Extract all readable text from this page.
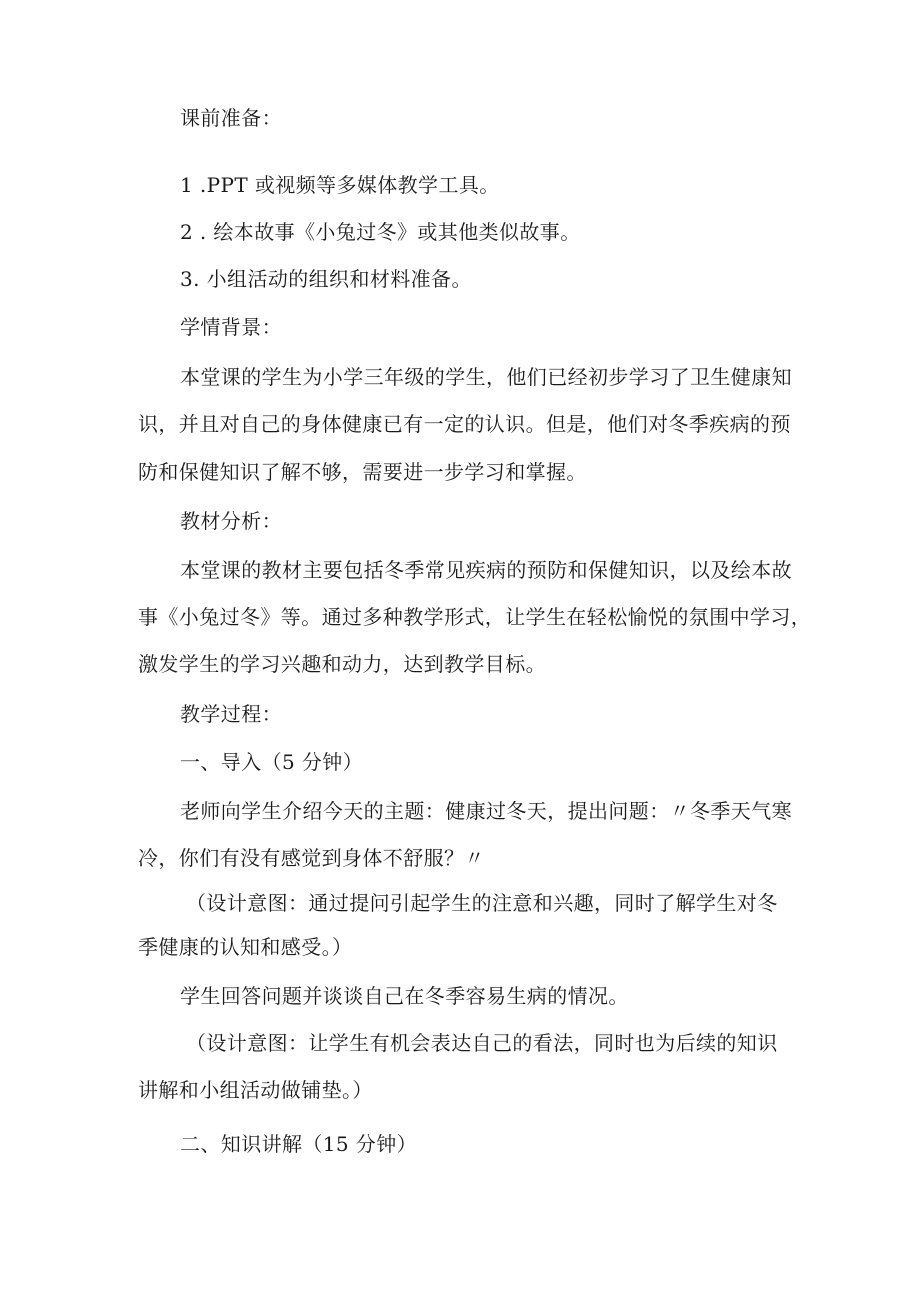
课前准备：
1 .PPT 或视频等多媒体教学工具。
2 . 绘本故事《小兔过冬》或其他类似故事。
3. 小组活动的组织和材料准备。
学情背景：
本堂课的学生为小学三年级的学生，他们已经初步学习了卫生健康知
识，并且对自己的身体健康已有一定的认识。但是，他们对冬季疾病的预
防和保健知识了解不够，需要进一步学习和掌握。
教材分析：
本堂课的教材主要包括冬季常见疾病的预防和保健知识，以及绘本故
事《小兔过冬》等。通过多种教学形式，让学生在轻松愉悦的氛围中学习，
激发学生的学习兴趣和动力，达到教学目标。
教学过程：
一、导入（5 分钟）
老师向学生介绍今天的主题：健康过冬天，提出问题：〃冬季天气寒
冷，你们有没有感觉到身体不舒服？〃
（设计意图：通过提问引起学生的注意和兴趣，同时了解学生对冬
季健康的认知和感受。）
学生回答问题并谈谈自己在冬季容易生病的情况。
（设计意图：让学生有机会表达自己的看法，同时也为后续的知识
讲解和小组活动做铺垫。）
二、知识讲解（15 分钟）
